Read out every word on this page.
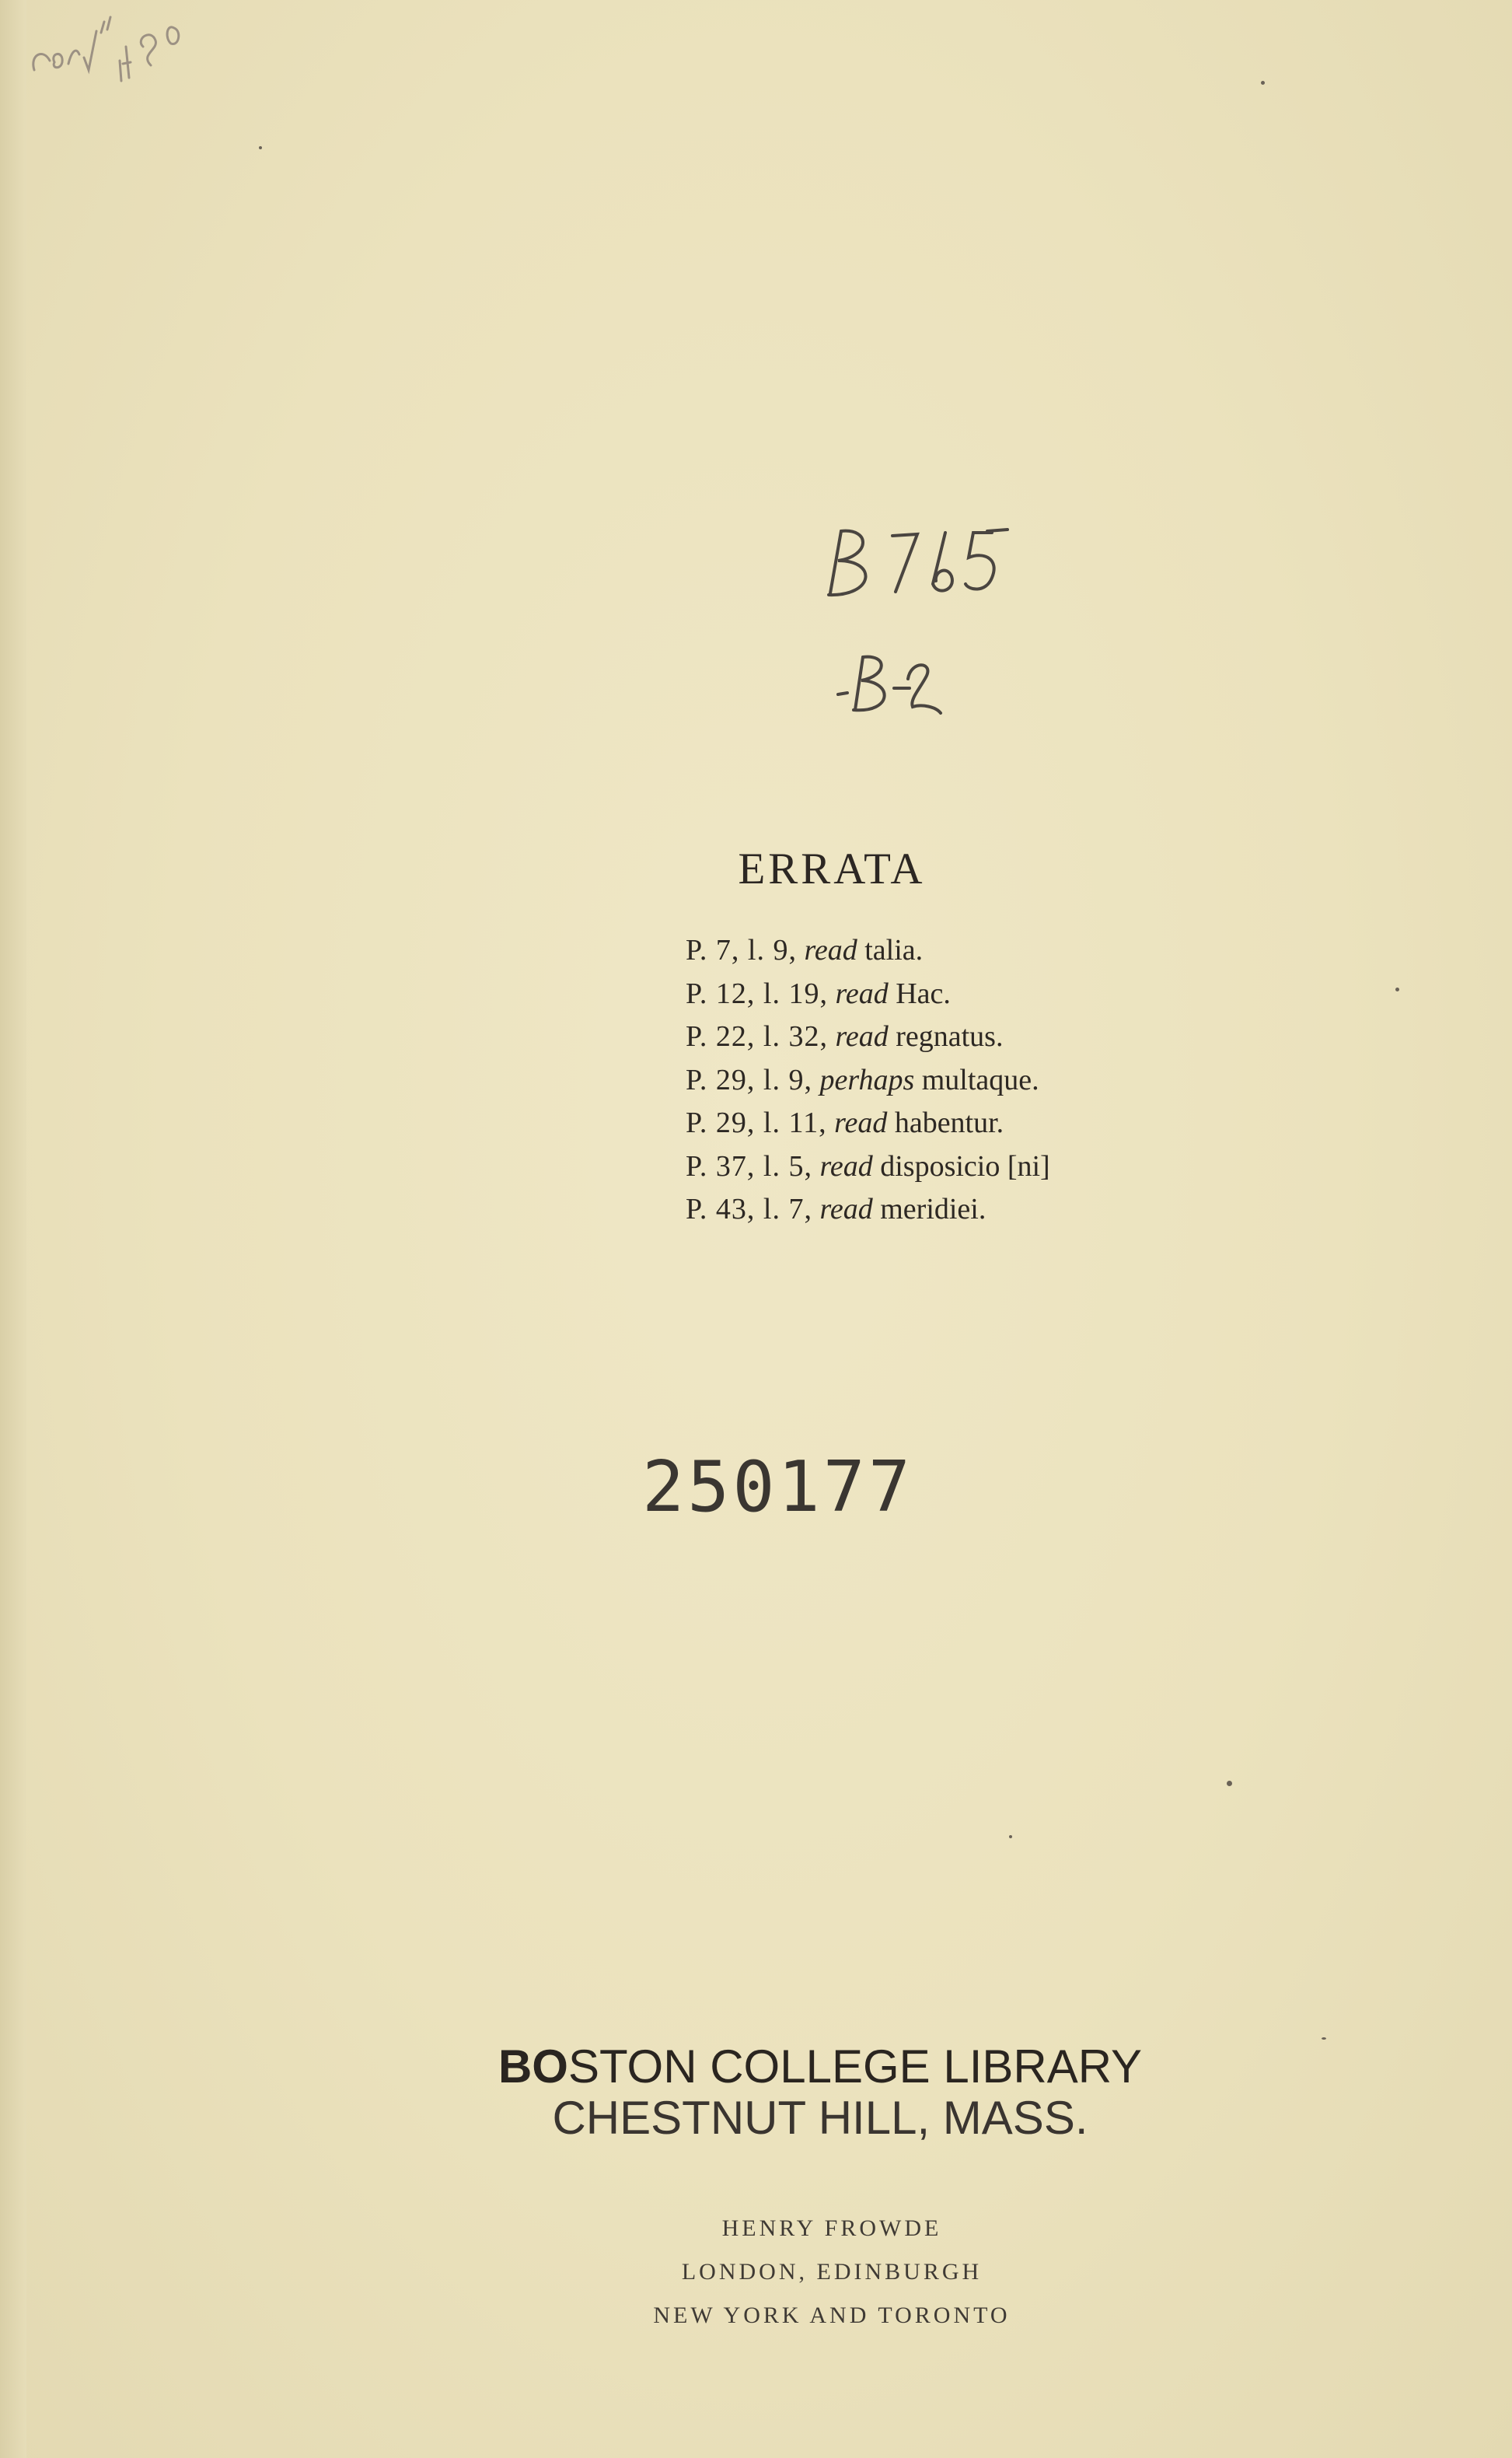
ERRATA
P. 7, l. 9, read talia.
P. 12, l. 19, read Hac.
P. 22, l. 32, read regnatus.
P. 29, l. 9, perhaps multaque.
P. 29, l. 11, read habentur.
P. 37, l. 5, read disposicio [ni]
P. 43, l. 7, read meridiei.
250177
BOSTON COLLEGE LIBRARY
CHESTNUT HILL, MASS.
HENRY FROWDE
LONDON, EDINBURGH
NEW YORK AND TORONTO
